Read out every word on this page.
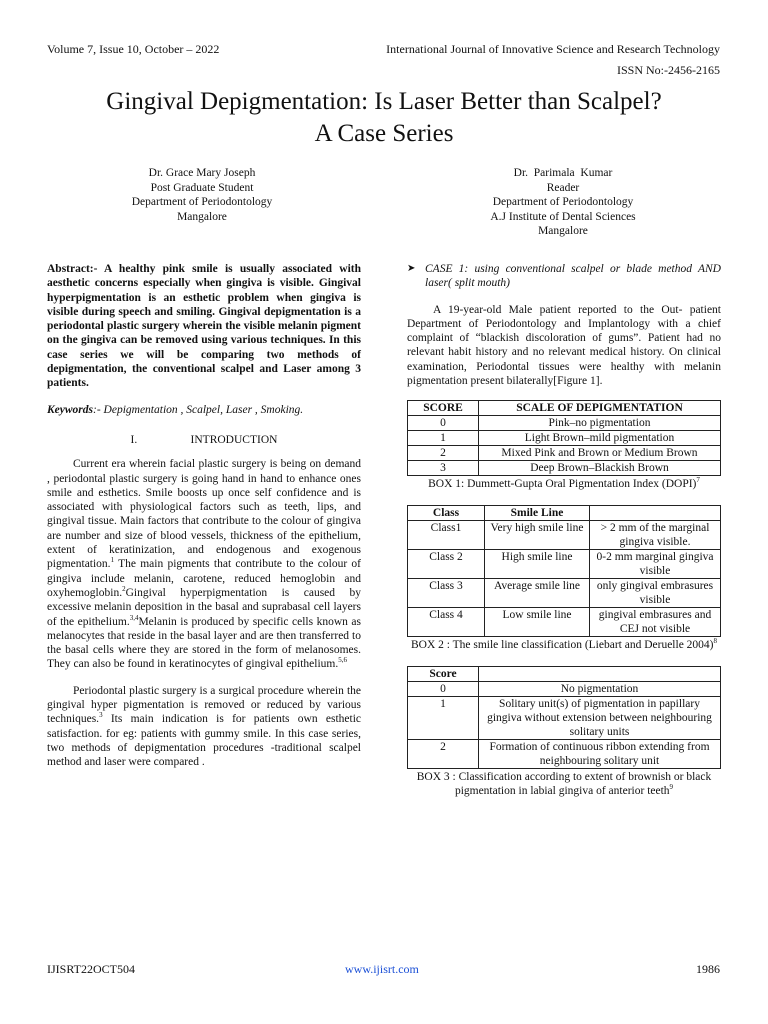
Volume 7, Issue 10, October – 2022	International Journal of Innovative Science and Research Technology
ISSN No:-2456-2165
Gingival Depigmentation: Is Laser Better than Scalpel?
A Case Series
Dr. Grace Mary Joseph
Post Graduate Student
Department of Periodontology
Mangalore
Dr.  Parimala  Kumar
Reader
Department of Periodontology
A.J Institute of Dental Sciences
Mangalore
Abstract:- A healthy pink smile is usually associated with aesthetic concerns especially when gingiva is visible. Gingival hyperpigmentation is an esthetic problem when gingiva is visible during speech and smiling. Gingival depigmentation is a periodontal plastic surgery wherein the visible melanin pigment on the gingiva can be removed using various techniques. In this case series we will be comparing two methods of depigmentation, the conventional scalpel and Laser among 3 patients.
Keywords:- Depigmentation , Scalpel, Laser , Smoking.
I.	INTRODUCTION

Current era wherein facial plastic surgery is being on demand , periodontal plastic surgery is going hand in hand to enhance ones smile and esthetics. Smile boosts up once self confidence and is associated with physiological factors such as teeth, lips, and gingival tissue. Main factors that contribute to the colour of gingiva are number and size of blood vessels, thickness of the epithelium, extent of keratinization, and endogenous and exogenous pigmentation.$^1$ The main pigments that contribute to the colour of gingiva include melanin, carotene, reduced hemoglobin and oxyhemoglobin.$^2$Gingival hyperpigmentation is caused by excessive melanin deposition in the basal and suprabasal cell layers of the epithelium.$^{3,4}$Melanin is produced by specific cells known as melanocytes that reside in the basal layer and are then transferred to the basal cells where they are stored in the form of melanosomes. They can also be found in keratinocytes of gingival epithelium.$^{5,6}$

Periodontal plastic surgery is a surgical procedure wherein the gingival hyper pigmentation is removed or reduced by various techniques.$^3$ Its main indication is for patients own esthetic satisfaction. for eg: patients with gummy smile. In this case series, two methods of depigmentation procedures -traditional scalpel method and laser were compared .

➤ CASE 1: using conventional scalpel or blade method AND laser( split mouth)

A 19-year-old Male patient reported to the Out- patient Department of Periodontology and Implantology with a chief complaint of “blackish discoloration of gums”. Patient had no relevant habit history and no relevant medical history. On clinical examination, Periodontal tissues were healthy with melanin pigmentation present bilaterally[Figure 1].

SCORE	SCALE OF DEPIGMENTATION
0	Pink–no pigmentation
1	Light Brown–mild pigmentation
2	Mixed Pink and Brown or Medium Brown
3	Deep Brown–Blackish Brown
BOX 1: Dummett-Gupta Oral Pigmentation Index (DOPI)$^7$
Class	Smile Line	
Class1	Very high smile line	> 2 mm of the marginal gingiva visible.
Class 2	High smile line	0-2 mm marginal gingiva visible
Class 3	Average smile line	only gingival embrasures visible
Class 4	Low smile line	gingival embrasures and CEJ not visible
BOX 2 : The smile line classification (Liebart and Deruelle 2004)$^8$
Score	
0	No pigmentation
1	Solitary unit(s) of pigmentation in papillary gingiva without extension between neighbouring solitary units
2	Formation of continuous ribbon extending from neighbouring solitary unit
BOX 3 : Classification according to extent of brownish or black pigmentation in labial gingiva of anterior teeth$^9$
IJISRT22OCT504	www.ijisrt.com	1986
